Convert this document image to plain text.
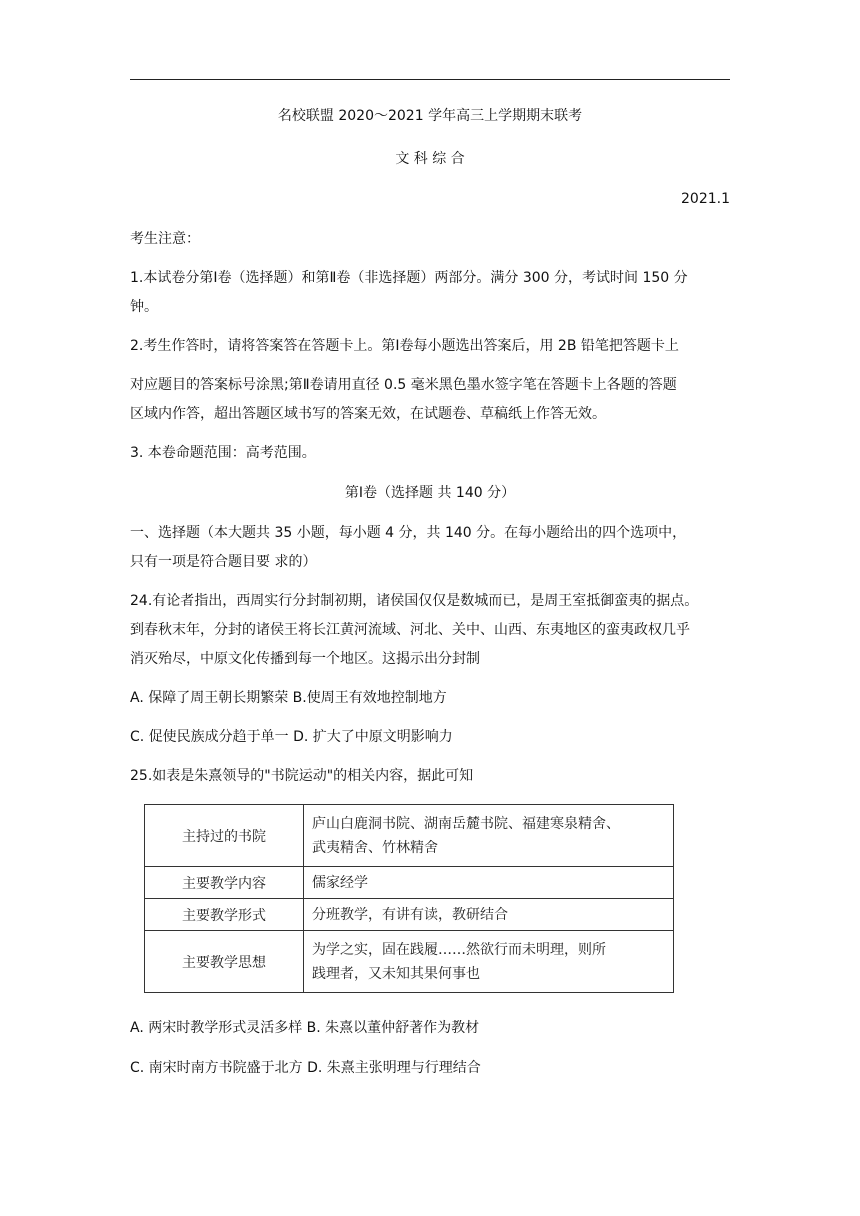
名校联盟 2020～2021 学年高三上学期期末联考
文 科 综 合
2021.1
考生注意：
1.本试卷分第Ⅰ卷（选择题）和第Ⅱ卷（非选择题）两部分。满分 300 分，考试时间 150 分
钟。
2.考生作答时，请将答案答在答题卡上。第Ⅰ卷每小题选出答案后，用 2B 铅笔把答题卡上
对应题目的答案标号涂黑;第Ⅱ卷请用直径 0.5 毫米黑色墨水签字笔在答题卡上各题的答题
区域内作答，超出答题区域书写的答案无效，在试题卷、草稿纸上作答无效。
3. 本卷命题范围：高考范围。
第Ⅰ卷（选择题 共 140 分）
一、选择题（本大题共 35 小题，每小题 4 分，共 140 分。在每小题给出的四个选项中，
只有一项是符合题目要 求的）
24.有论者指出，西周实行分封制初期，诸侯国仅仅是数城而已，是周王室抵御蛮夷的据点。
到春秋末年，分封的诸侯王将长江黄河流域、河北、关中、山西、东夷地区的蛮夷政权几乎
消灭殆尽，中原文化传播到每一个地区。这揭示出分封制
A. 保障了周王朝长期繁荣 B.使周王有效地控制地方
C. 促使民族成分趋于单一 D. 扩大了中原文明影响力
25.如表是朱熹领导的"书院运动"的相关内容，据此可知
主持过的书院	庐山白鹿洞书院、湖南岳麓书院、福建寒泉精舍、
武夷精舍、竹林精舍

主要教学内容	儒家经学
主要教学形式	分班教学，有讲有读，教研结合
主要教学思想	为学之实，固在践履……然欲行而未明理，则所
践理者，又未知其果何事也
A. 两宋时教学形式灵活多样 B. 朱熹以董仲舒著作为教材
C. 南宋时南方书院盛于北方 D. 朱熹主张明理与行理结合
